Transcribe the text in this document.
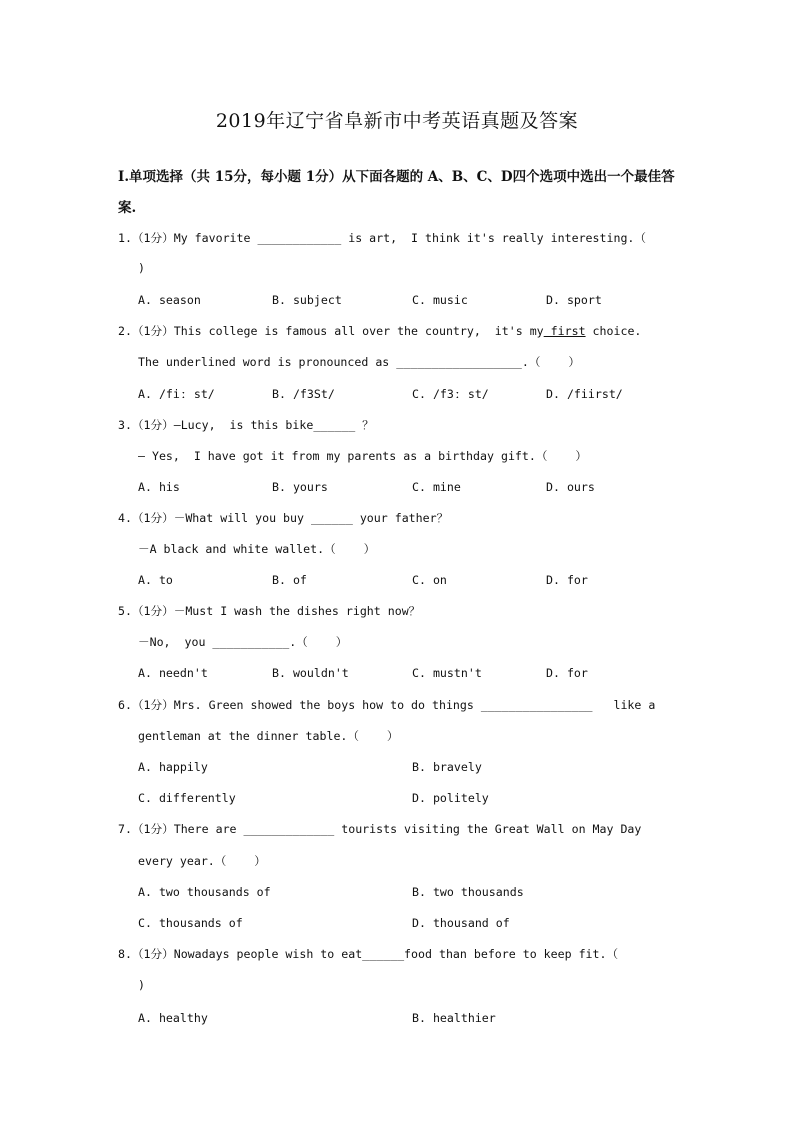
2019年辽宁省阜新市中考英语真题及答案
I.单项选择（共 15分，每小题 1分）从下面各题的 A、B、C、D四个选项中选出一个最佳答案.
1.（1分）My favorite ____________ is art,  I think it's really interesting.（
)
A. season	B. subject	C. music	D. sport
2.（1分）This college is famous all over the country,  it's my first choice.
The underlined word is pronounced as __________________.（    ）
A. /fiː st/	B. /f3St/	C. /f3ː st/	D. /fiirst/
3.（1分）—Lucy,  is this bike______ ？
— Yes,  I have got it from my parents as a birthday gift.（    ）
A. his	B. yours	C. mine	D. ours
4.（1分）－What will you buy ______ your father？
－A black and white wallet.（    ）
A. to	B. of	C. on	D. for
5.（1分）－Must I wash the dishes right now？
－No,  you ___________.（    ）
A. needn't	B. wouldn't	C. mustn't	D. for
6.（1分）Mrs. Green showed the boys how to do things ________________   like a
gentleman at the dinner table.（    ）
A. happily	B. bravely
C. differently	D. politely
7.（1分）There are _____________ tourists visiting the Great Wall on May Day
every year.（    ）
A. two thousands of	B. two thousands
C. thousands of	D. thousand of
8.（1分）Nowadays people wish to eat______food than before to keep fit.（
)
A. healthy	B. healthier
